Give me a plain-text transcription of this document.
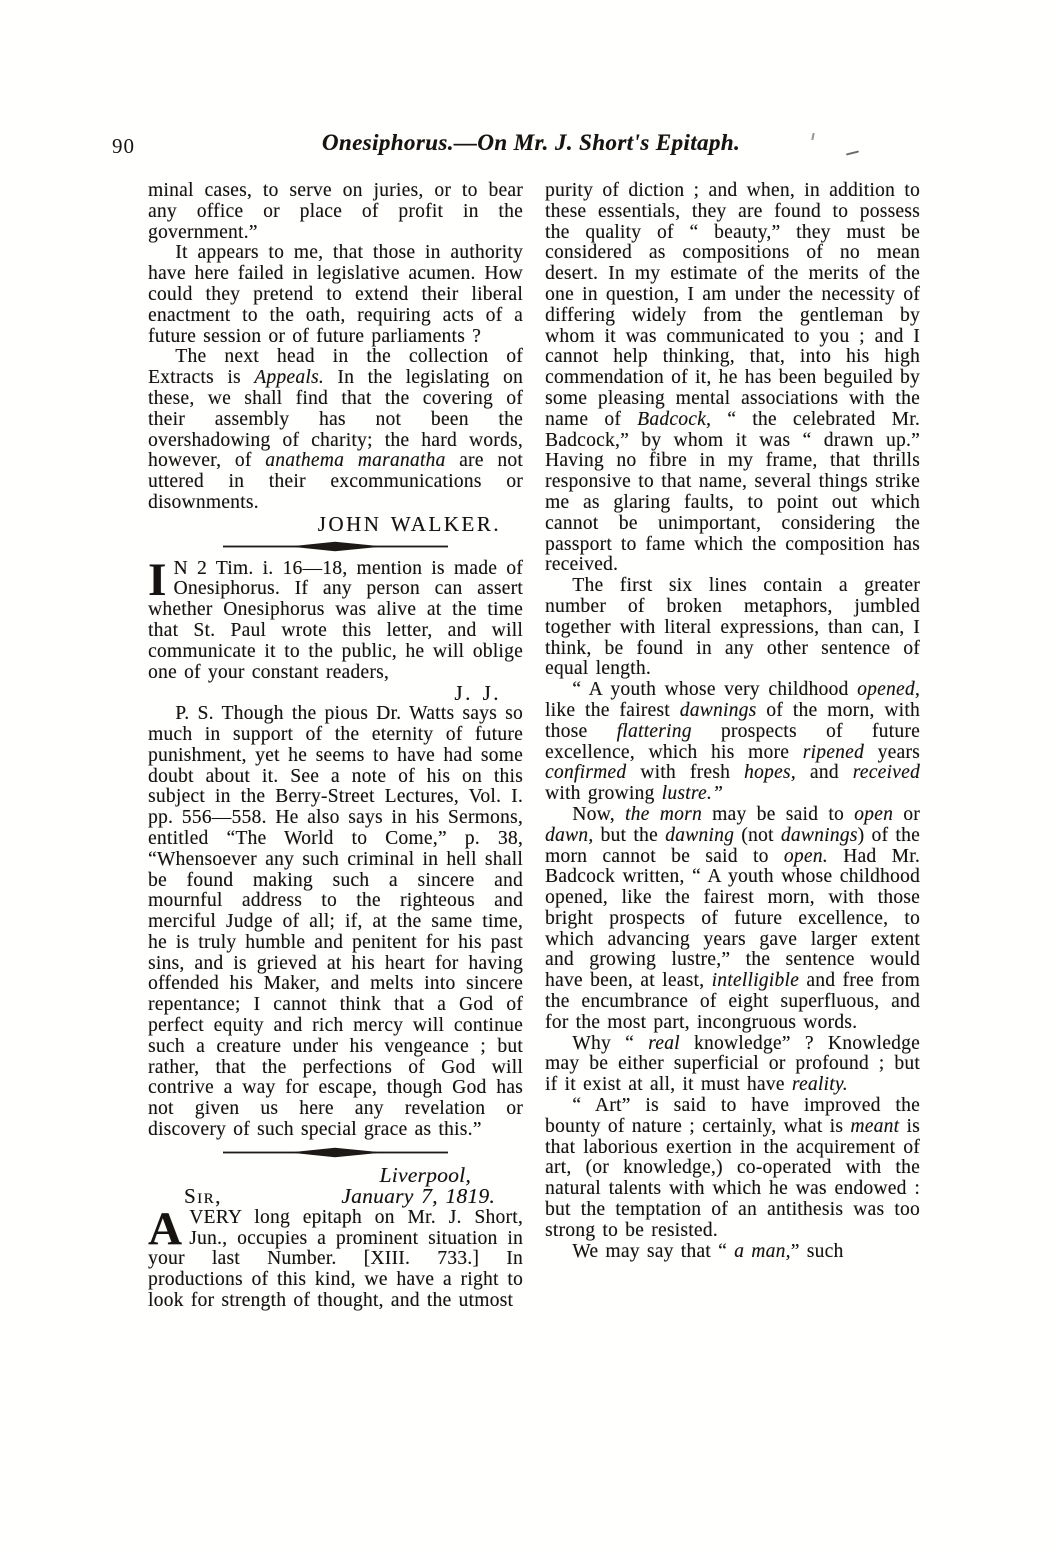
90	Onesiphorus.—On Mr. J. Short's Epitaph.

minal cases, to serve on juries, or to bear any office or place of profit in the government.”

It appears to me, that those in authority have here failed in legislative acumen. How could they pretend to extend their liberal enactment to the oath, requiring acts of a future session or of future parliaments ?

The next head in the collection of Extracts is Appeals. In the legislating on these, we shall find that the covering of their assembly has not been the overshadowing of charity; the hard words, however, of anathema maranatha are not uttered in their excommunications or disownments.

JOHN WALKER.

I N 2 Tim. i. 16—18, mention is made of Onesiphorus. If any person can assert whether Onesiphorus was alive at the time that St. Paul wrote this letter, and will communicate it to the public, he will oblige one of your constant readers,

J. J.

P. S. Though the pious Dr. Watts says so much in support of the eternity of future punishment, yet he seems to have had some doubt about it. See a note of his on this subject in the Berry-Street Lectures, Vol. I. pp. 556—558. He also says in his Sermons, entitled “The World to Come,” p. 38, “Whensoever any such criminal in hell shall be found making such a sincere and mournful address to the righteous and merciful Judge of all; if, at the same time, he is truly humble and penitent for his past sins, and is grieved at his heart for having offended his Maker, and melts into sincere repentance; I cannot think that a God of perfect equity and rich mercy will continue such a creature under his vengeance ; but rather, that the perfections of God will contrive a way for escape, though God has not given us here any revelation or discovery of such special grace as this.”

Liverpool,
Sir,	January 7, 1819.

AVERY long epitaph on Mr. J. Short, Jun., occupies a prominent situation in your last Number. [XIII. 733.] In productions of this kind, we have a right to look for strength of thought, and the utmost

purity of diction ; and when, in addition to these essentials, they are found to possess the quality of “ beauty,” they must be considered as compositions of no mean desert. In my estimate of the merits of the one in question, I am under the necessity of differing widely from the gentleman by whom it was communicated to you ; and I cannot help thinking, that, into his high commendation of it, he has been beguiled by some pleasing mental associations with the name of Badcock, “ the celebrated Mr. Badcock,” by whom it was “ drawn up.” Having no fibre in my frame, that thrills responsive to that name, several things strike me as glaring faults, to point out which cannot be unimportant, considering the passport to fame which the composition has received.

The first six lines contain a greater number of broken metaphors, jumbled together with literal expressions, than can, I think, be found in any other sentence of equal length.

“ A youth whose very childhood opened, like the fairest dawnings of the morn, with those flattering prospects of future excellence, which his more ripened years confirmed with fresh hopes, and received with growing lustre.”

Now, the morn may be said to open or dawn, but the dawning (not dawnings) of the morn cannot be said to open. Had Mr. Badcock written, “ A youth whose childhood opened, like the fairest morn, with those bright prospects of future excellence, to which advancing years gave larger extent and growing lustre,” the sentence would have been, at least, intelligible and free from the encumbrance of eight superfluous, and for the most part, incongruous words.

Why “ real knowledge” ? Knowledge may be either superficial or profound ; but if it exist at all, it must have reality.

“ Art” is said to have improved the bounty of nature ; certainly, what is meant is that laborious exertion in the acquirement of art, (or knowledge,) co-operated with the natural talents with which he was endowed : but the temptation of an antithesis was too strong to be resisted.

We may say that “ a man,” such
